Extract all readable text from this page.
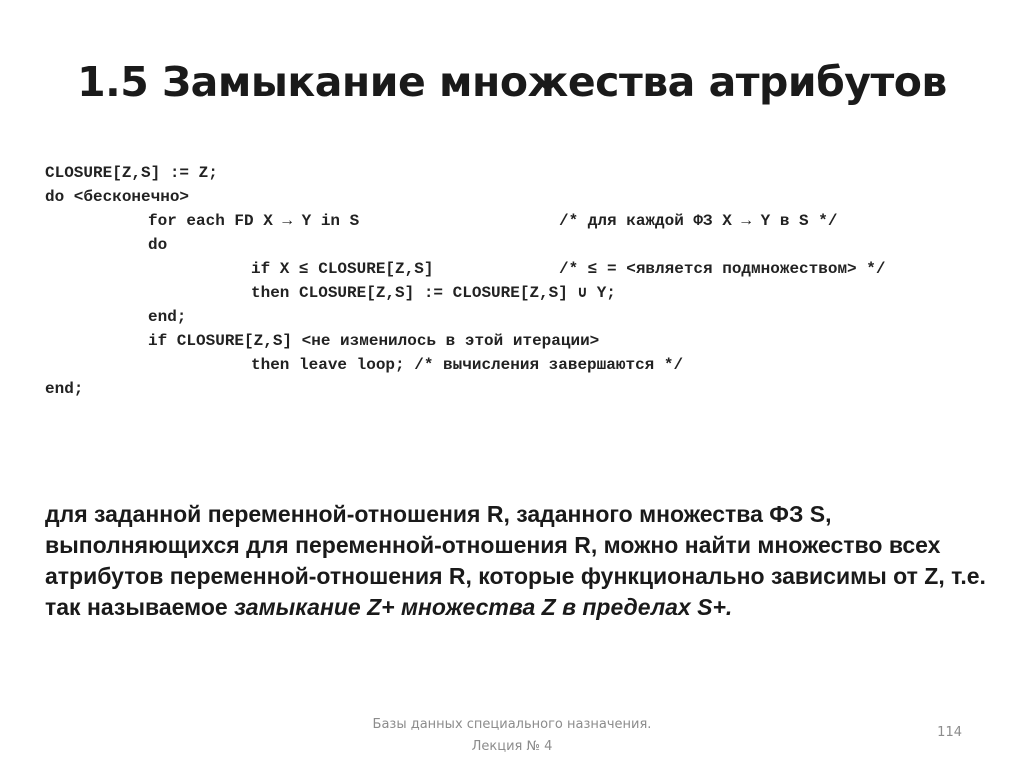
1.5 Замыкание множества атрибутов

CLOSURE[Z,S] := Z;

do <бесконечно>

for each FD X → Y in S

	/* для каждой ФЗ X → Y в S */

do

if X ≤ CLOSURE[Z,S]

	/* ≤ = <является подмножеством> */

then CLOSURE[Z,S] := CLOSURE[Z,S] ∪ Y;

end;

if CLOSURE[Z,S] <не изменилось в этой итерации>

then leave loop; /* вычисления завершаются */

end;

для заданной переменной-отношения R, заданного множества ФЗ S, выполняющихся для переменной-отношения R, можно найти множество всех атрибутов переменной-отношения R, которые функционально зависимы от Z, т.е. так называемое замыкание Z+ множества Z в пределах S+.
Базы данных специального назначения.
Лекция № 4
114
